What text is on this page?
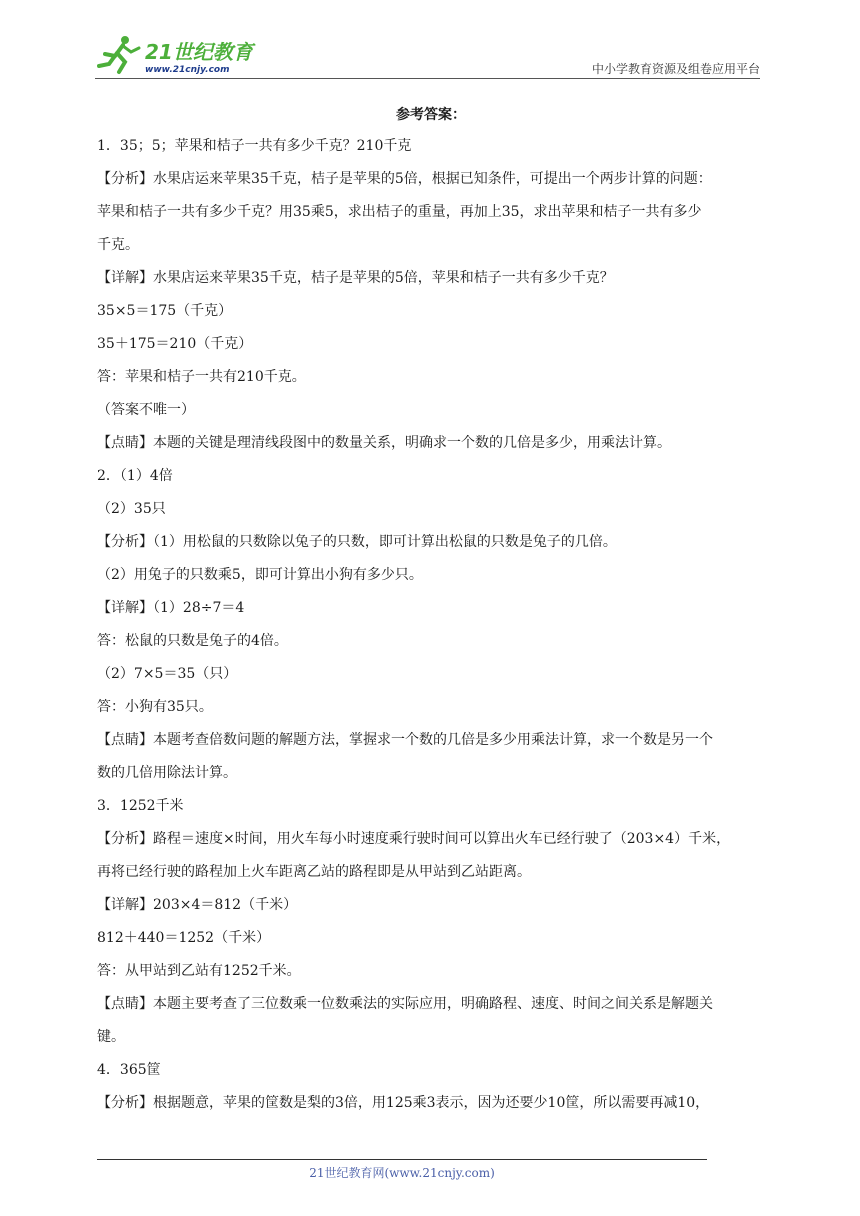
21世纪教育
www.21cnjy.com	中小学教育资源及组卷应用平台
参考答案：
1．35；5；苹果和桔子一共有多少千克？210千克
【分析】水果店运来苹果35千克，桔子是苹果的5倍，根据已知条件，可提出一个两步计算的问题：
苹果和桔子一共有多少千克？用35乘5，求出桔子的重量，再加上35，求出苹果和桔子一共有多少
千克。
【详解】水果店运来苹果35千克，桔子是苹果的5倍，苹果和桔子一共有多少千克？
35×5＝175（千克）
35＋175＝210（千克）
答：苹果和桔子一共有210千克。
（答案不唯一）
【点睛】本题的关键是理清线段图中的数量关系，明确求一个数的几倍是多少，用乘法计算。
2．（1）4倍
（2）35只
【分析】（1）用松鼠的只数除以兔子的只数，即可计算出松鼠的只数是兔子的几倍。
（2）用兔子的只数乘5，即可计算出小狗有多少只。
【详解】（1）28÷7＝4
答：松鼠的只数是兔子的4倍。
（2）7×5＝35（只）
答：小狗有35只。
【点睛】本题考查倍数问题的解题方法，掌握求一个数的几倍是多少用乘法计算，求一个数是另一个
数的几倍用除法计算。
3．1252千米
【分析】路程＝速度×时间，用火车每小时速度乘行驶时间可以算出火车已经行驶了（203×4）千米，
再将已经行驶的路程加上火车距离乙站的路程即是从甲站到乙站距离。
【详解】203×4＝812（千米）
812＋440＝1252（千米）
答：从甲站到乙站有1252千米。
【点睛】本题主要考查了三位数乘一位数乘法的实际应用，明确路程、速度、时间之间关系是解题关
键。
4．365筐
【分析】根据题意，苹果的筐数是梨的3倍，用125乘3表示，因为还要少10筐，所以需要再减10，
21世纪教育网(www.21cnjy.com)
